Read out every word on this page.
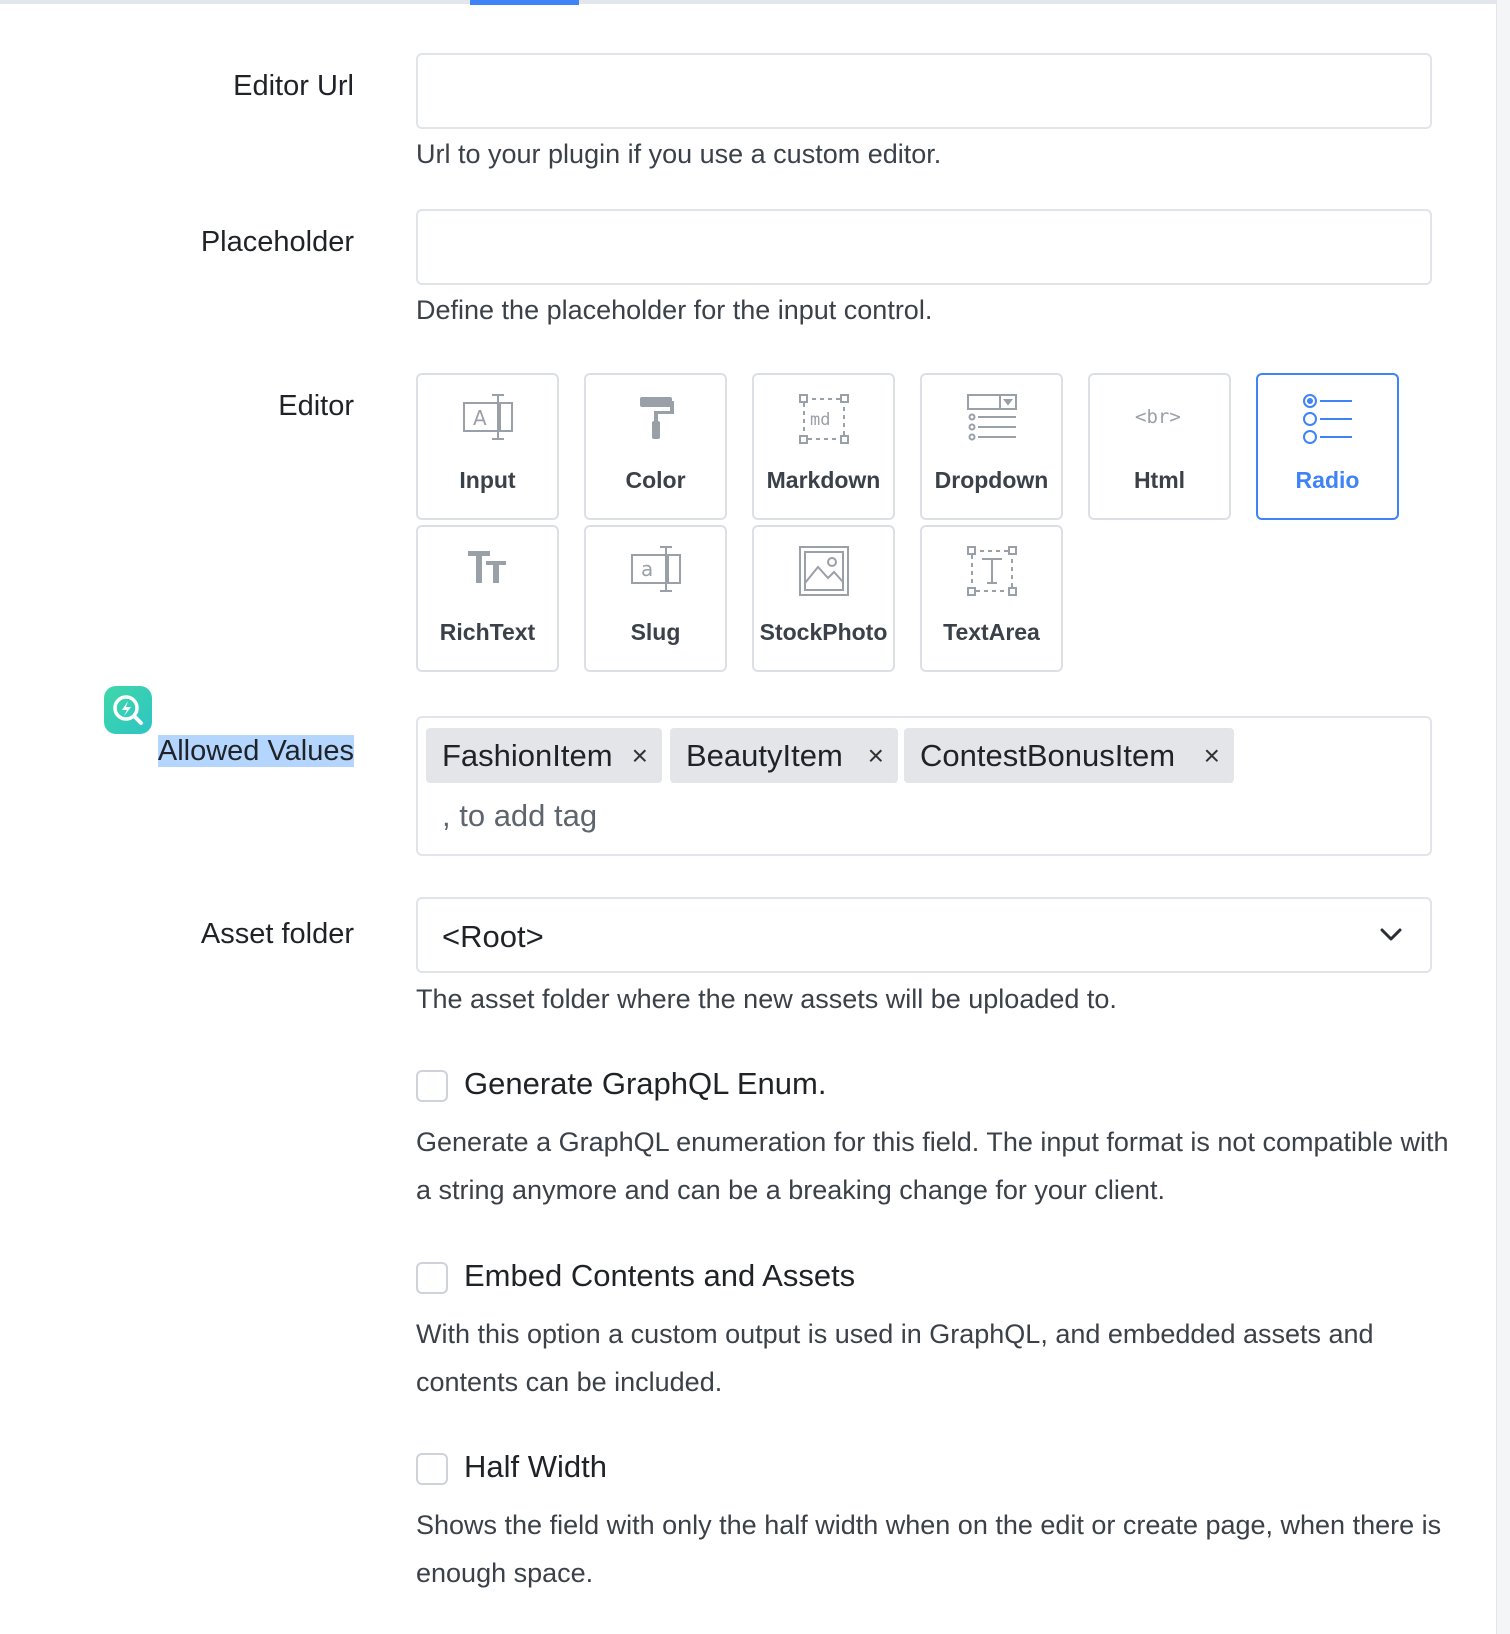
Editor Url
Url to your plugin if you use a custom editor.
Placeholder
Define the placeholder for the input control.
Editor	A
Input	Color
md
Markdown	Dropdown
<br>
Html	Radio
RichText
a
Slug	StockPhoto	TextArea
Allowed Values	FashionItem ×	BeautyItem ×	ContestBonusItem ×
, to add tag
Asset folder	<Root>
The asset folder where the new assets will be uploaded to.
Generate GraphQL Enum.
Generate a GraphQL enumeration for this field. The input format is not compatible with a string anymore and can be a breaking change for your client.
Embed Contents and Assets
With this option a custom output is used in GraphQL, and embedded assets and contents can be included.
Half Width
Shows the field with only the half width when on the edit or create page, when there is enough space.
